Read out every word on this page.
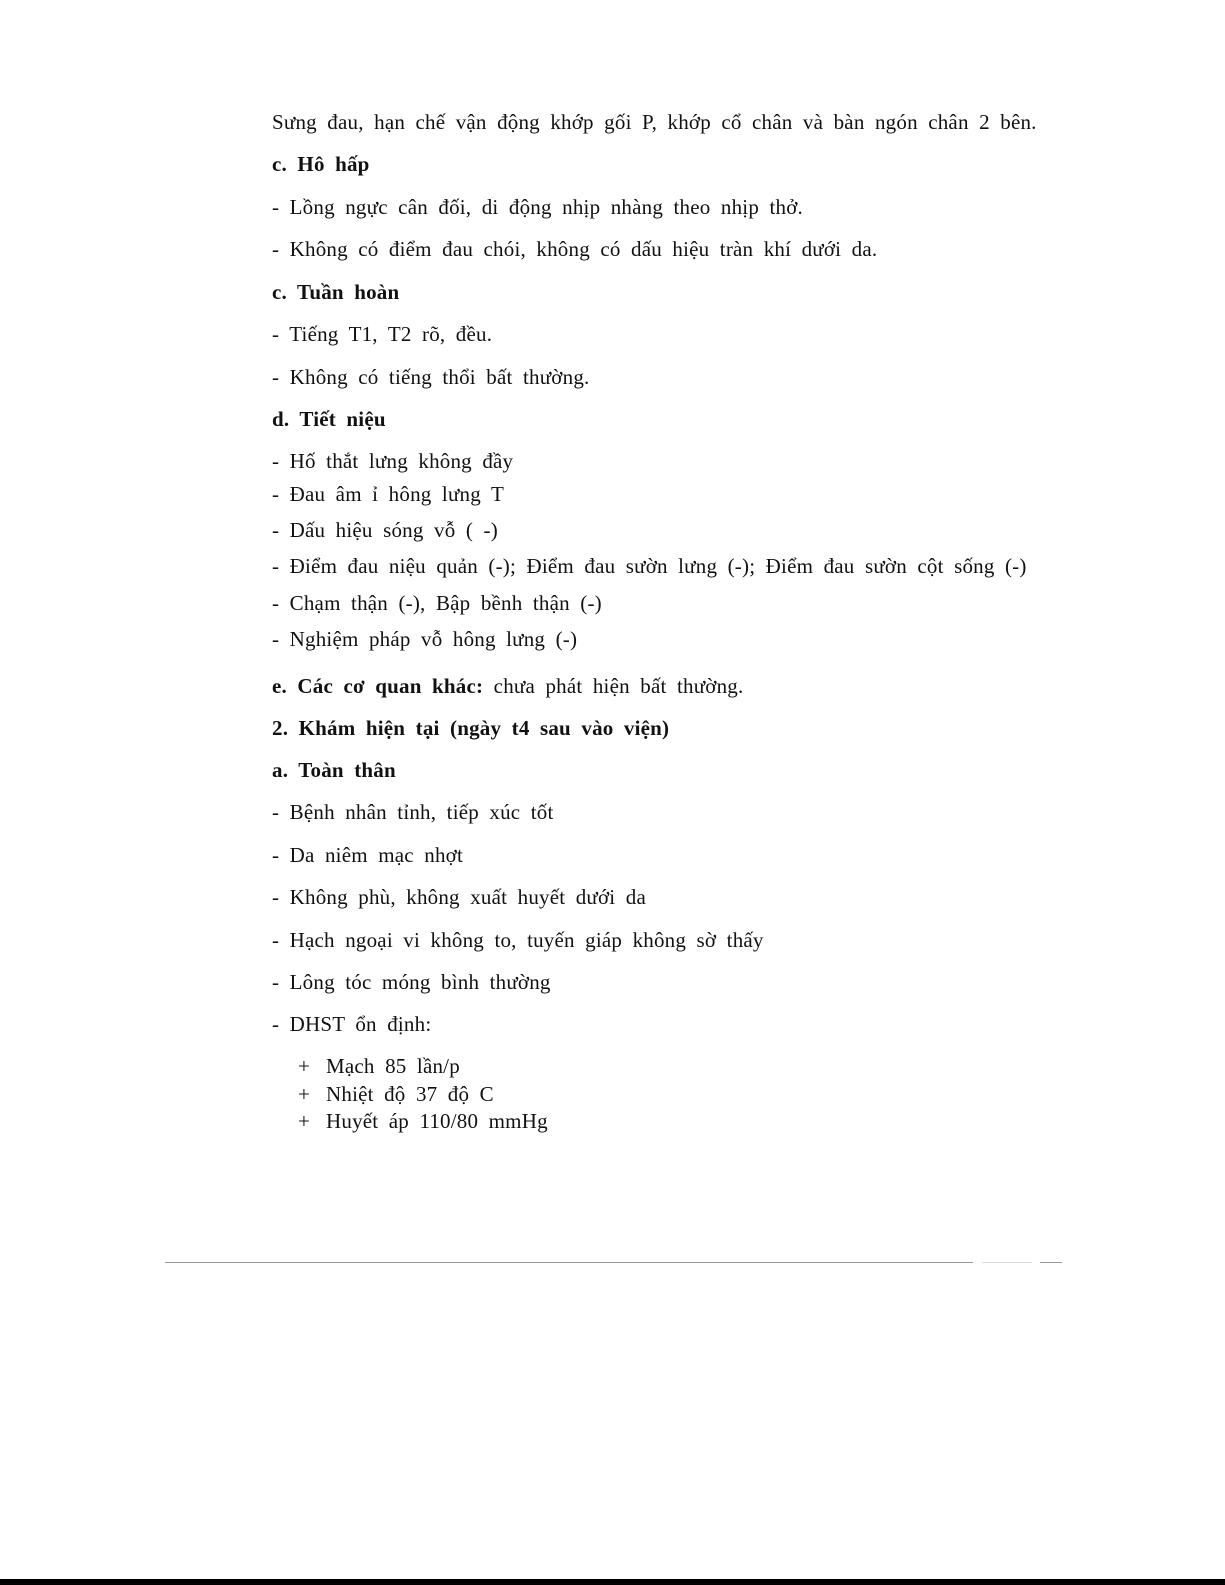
Sưng đau, hạn chế vận động khớp gối P, khớp cổ chân và bàn ngón chân 2 bên.
c. Hô hấp
- Lồng ngực cân đối, di động nhịp nhàng theo nhịp thở.
- Không có điểm đau chói, không có dấu hiệu tràn khí dưới da.
c. Tuần hoàn
- Tiếng T1, T2 rõ, đều.
- Không có tiếng thổi bất thường.
d. Tiết niệu
- Hố thắt lưng không đầy
- Đau âm ỉ hông lưng T
- Dấu hiệu sóng vỗ ( -)
- Điểm đau niệu quản (-); Điểm đau sườn lưng (-); Điểm đau sườn cột sống (-)
- Chạm thận (-), Bập bềnh thận (-)
- Nghiệm pháp vỗ hông lưng (-)
e. Các cơ quan khác: chưa phát hiện bất thường.
2. Khám hiện tại (ngày t4 sau vào viện)
a. Toàn thân
- Bệnh nhân tỉnh, tiếp xúc tốt
- Da niêm mạc nhợt
- Không phù, không xuất huyết dưới da
- Hạch ngoại vi không to, tuyến giáp không sờ thấy
- Lông tóc móng bình thường
- DHST ổn định:
+ Mạch 85 lần/p
+ Nhiệt độ 37 độ C
+ Huyết áp 110/80 mmHg
